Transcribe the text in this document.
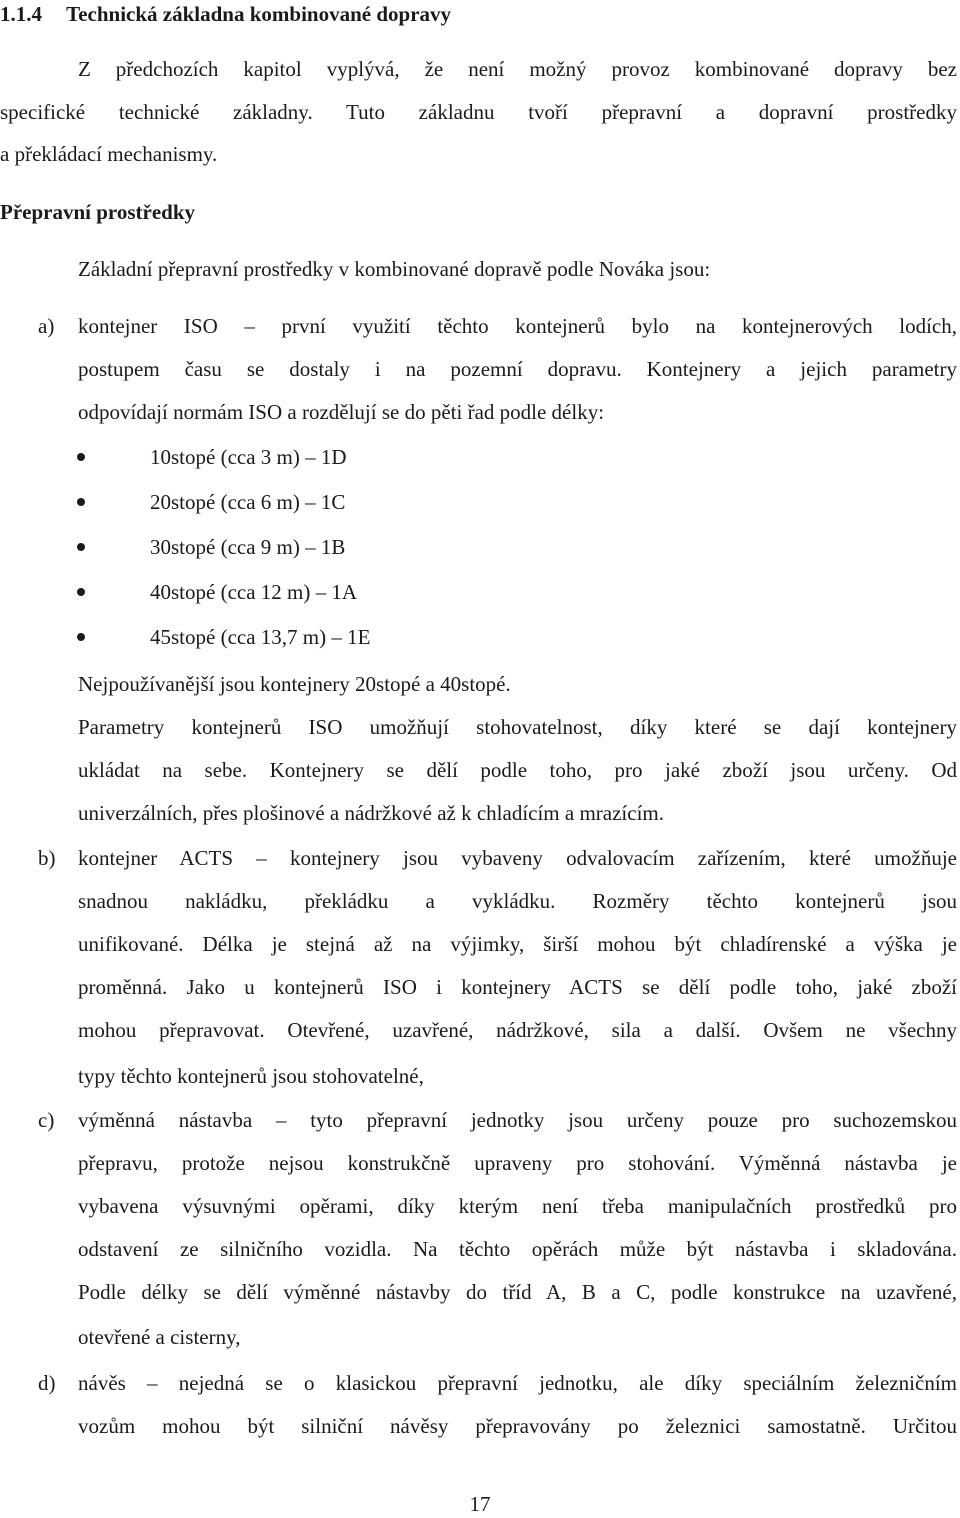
1.1.4 Technická základna kombinované dopravy
Z předchozích kapitol vyplývá, že není možný provoz kombinované dopravy bez
specifické technické základny. Tuto základnu tvoří přepravní a dopravní prostředky
a překládací mechanismy.
Přepravní prostředky
Základní přepravní prostředky v kombinované dopravě podle Nováka jsou:
a) kontejner ISO – první využití těchto kontejnerů bylo na kontejnerových lodích,
postupem času se dostaly i na pozemní dopravu. Kontejnery a jejich parametry
odpovídají normám ISO a rozdělují se do pěti řad podle délky:
10stopé (cca 3 m) – 1D
20stopé (cca 6 m) – 1C
30stopé (cca 9 m) – 1B
40stopé (cca 12 m) – 1A
45stopé (cca 13,7 m) – 1E
Nejpoužívanější jsou kontejnery 20stopé a 40stopé.
Parametry kontejnerů ISO umožňují stohovatelnost, díky které se dají kontejnery
ukládat na sebe. Kontejnery se dělí podle toho, pro jaké zboží jsou určeny. Od
univerzálních, přes plošinové a nádržkové až k chladícím a mrazícím.
b) kontejner ACTS – kontejnery jsou vybaveny odvalovacím zařízením, které umožňuje
snadnou nakládku, překládku a vykládku. Rozměry těchto kontejnerů jsou
unifikované. Délka je stejná až na výjimky, širší mohou být chladírenské a výška je
proměnná. Jako u kontejnerů ISO i kontejnery ACTS se dělí podle toho, jaké zboží
mohou přepravovat. Otevřené, uzavřené, nádržkové, sila a další. Ovšem ne všechny
typy těchto kontejnerů jsou stohovatelné,
c) výměnná nástavba – tyto přepravní jednotky jsou určeny pouze pro suchozemskou
přepravu, protože nejsou konstrukčně upraveny pro stohování. Výměnná nástavba je
vybavena výsuvnými opěrami, díky kterým není třeba manipulačních prostředků pro
odstavení ze silničního vozidla. Na těchto opěrách může být nástavba i skladována.
Podle délky se dělí výměnné nástavby do tříd A, B a C, podle konstrukce na uzavřené,
otevřené a cisterny,
d) návěs – nejedná se o klasickou přepravní jednotku, ale díky speciálním železničním
vozům mohou být silniční návěsy přepravovány po železnici samostatně. Určitou
17
